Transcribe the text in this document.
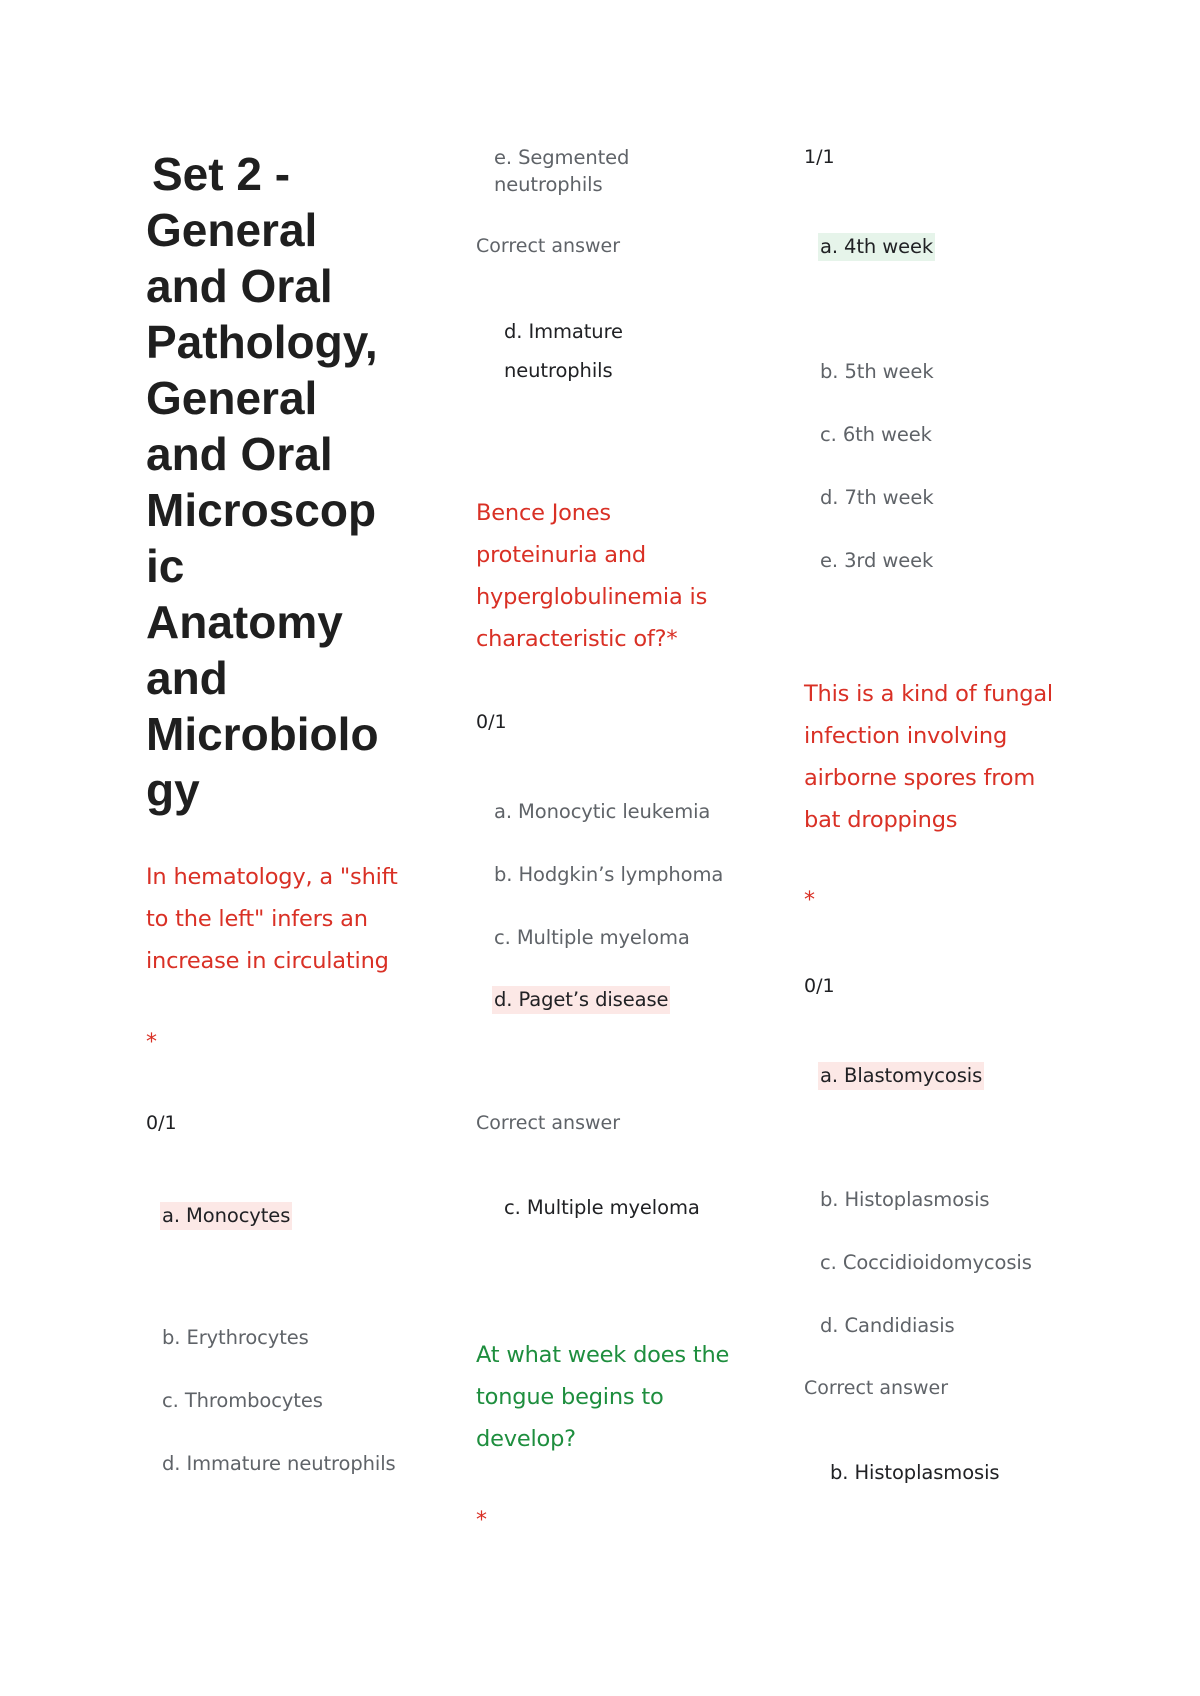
Set 2 -
General
and Oral
Pathology,
General
and Oral
Microscop
ic
Anatomy
and
Microbiolo
gy
In hematology, a "shift
to the left" infers an
increase in circulating
*
0/1
a. Monocytes
b. Erythrocytes
c. Thrombocytes
d. Immature neutrophils
e. Segmented
neutrophils
Correct answer
d. Immature
neutrophils
Bence Jones
proteinuria and
hyperglobulinemia is
characteristic of?*
0/1
a. Monocytic leukemia
b. Hodgkin’s lymphoma
c. Multiple myeloma
d. Paget’s disease
Correct answer
c. Multiple myeloma
At what week does the
tongue begins to
develop?
*
1/1
a. 4th week
b. 5th week
c. 6th week
d. 7th week
e. 3rd week
This is a kind of fungal
infection involving
airborne spores from
bat droppings
*
0/1
a. Blastomycosis
b. Histoplasmosis
c. Coccidioidomycosis
d. Candidiasis
Correct answer
b. Histoplasmosis
